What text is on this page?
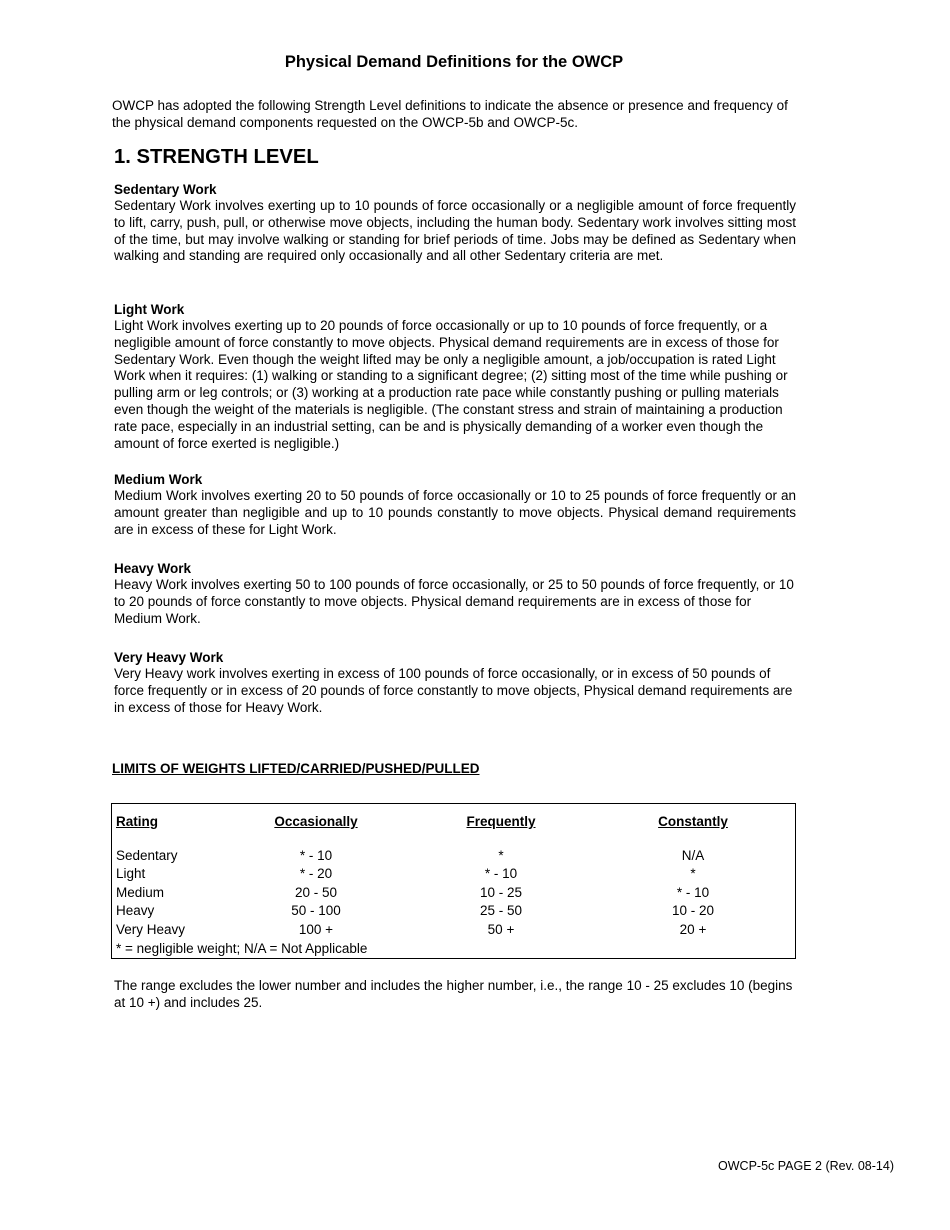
Physical Demand Definitions for the OWCP

OWCP has adopted the following Strength Level definitions to indicate the absence or presence and frequency of the physical demand components requested on the OWCP-5b and OWCP-5c.

1. STRENGTH LEVEL
Sedentary Work

Sedentary Work involves exerting up to 10 pounds of force occasionally or a negligible amount of force frequently to lift, carry, push, pull, or otherwise move objects, including the human body. Sedentary work involves sitting most of the time, but may involve walking or standing for brief periods of time. Jobs may be defined as Sedentary when walking and standing are required only occasionally and all other Sedentary criteria are met.

Light Work

Light Work involves exerting up to 20 pounds of force occasionally or up to 10 pounds of force frequently, or a negligible amount of force constantly to move objects. Physical demand requirements are in excess of those for Sedentary Work. Even though the weight lifted may be only a negligible amount, a job/occupation is rated Light Work when it requires: (1) walking or standing to a significant degree; (2) sitting most of the time while pushing or pulling arm or leg controls; or (3) working at a production rate pace while constantly pushing or pulling materials even though the weight of the materials is negligible. (The constant stress and strain of maintaining a production rate pace, especially in an industrial setting, can be and is physically demanding of a worker even though the amount of force exerted is negligible.)

Medium Work

Medium Work involves exerting 20 to 50 pounds of force occasionally or 10 to 25 pounds of force frequently or an amount greater than negligible and up to 10 pounds constantly to move objects. Physical demand requirements are in excess of these for Light Work.

Heavy Work

Heavy Work involves exerting 50 to 100 pounds of force occasionally, or 25 to 50 pounds of force frequently, or 10 to 20 pounds of force constantly to move objects. Physical demand requirements are in excess of those for Medium Work.

Very Heavy Work

Very Heavy work involves exerting in excess of 100 pounds of force occasionally, or in excess of 50 pounds of force frequently or in excess of 20 pounds of force constantly to move objects, Physical demand requirements are in excess of those for Heavy Work.

LIMITS OF WEIGHTS LIFTED/CARRIED/PUSHED/PULLED
Rating	Occasionally	Frequently	Constantly
Sedentary	* - 10	*	N/A
Light	* - 20	* - 10	*
Medium	20 - 50	10 - 25	* - 10
Heavy	50 - 100	25 - 50	10 - 20
Very Heavy	100 +	50 +	20 +

* = negligible weight; N/A = Not Applicable

The range excludes the lower number and includes the higher number, i.e., the range 10 - 25 excludes 10 (begins at 10 +) and includes 25.

OWCP-5c PAGE 2 (Rev. 08-14)
